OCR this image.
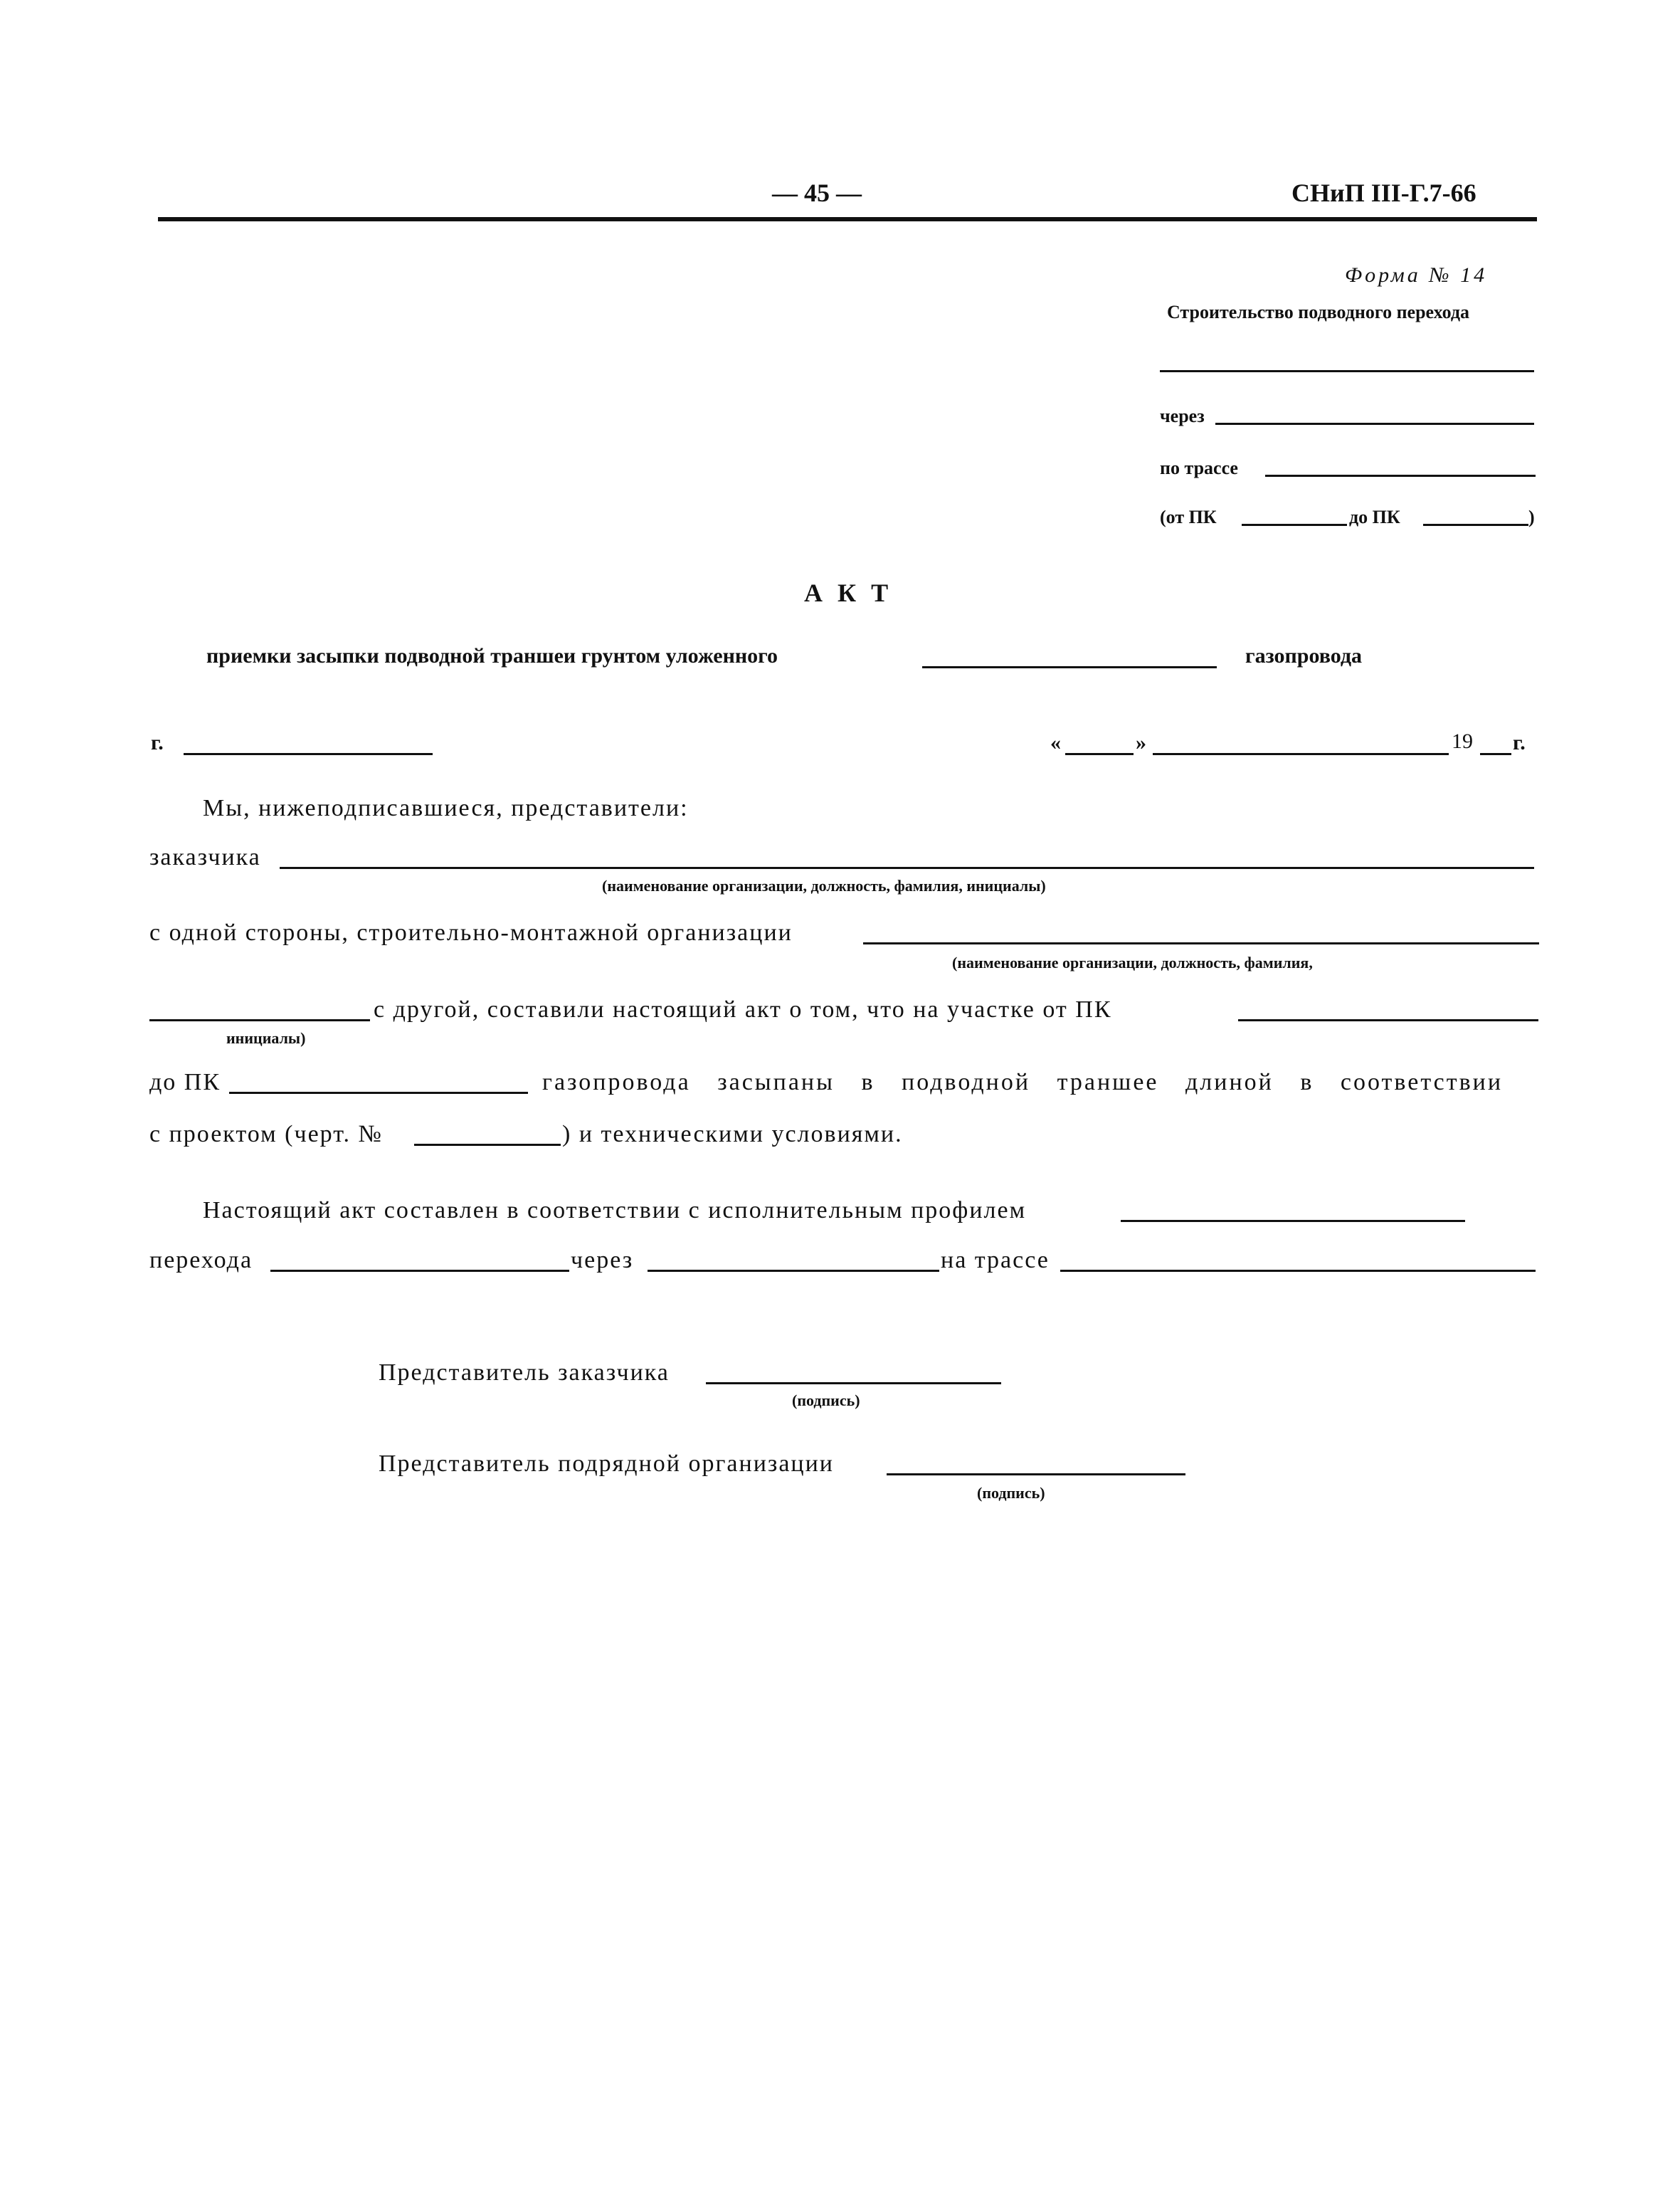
— 45 —	СНиП III-Г.7-66
Форма № 14
Строительство подводного перехода
через
по трассе
(от ПК	до ПК	)
А К Т
приемки засыпки подводной траншеи грунтом уложенного	газопровода
г.	«	»	19 г.
Мы, нижеподписавшиеся, представители:
заказчика
(наименование организации, должность, фамилия, инициалы)
с одной стороны, строительно-монтажной организации
(наименование организации, должность, фамилия,
с другой, составили настоящий акт о том, что на участке от ПК
инициалы)
до ПК	газопровода засыпаны в подводной траншее длиной в соответствии
с проектом (черт. №	) и техническими условиями.
Настоящий акт составлен в соответствии с исполнительным профилем
перехода	через	на трассе
Представитель заказчика
(подпись)
Представитель подрядной организации
(подпись)
